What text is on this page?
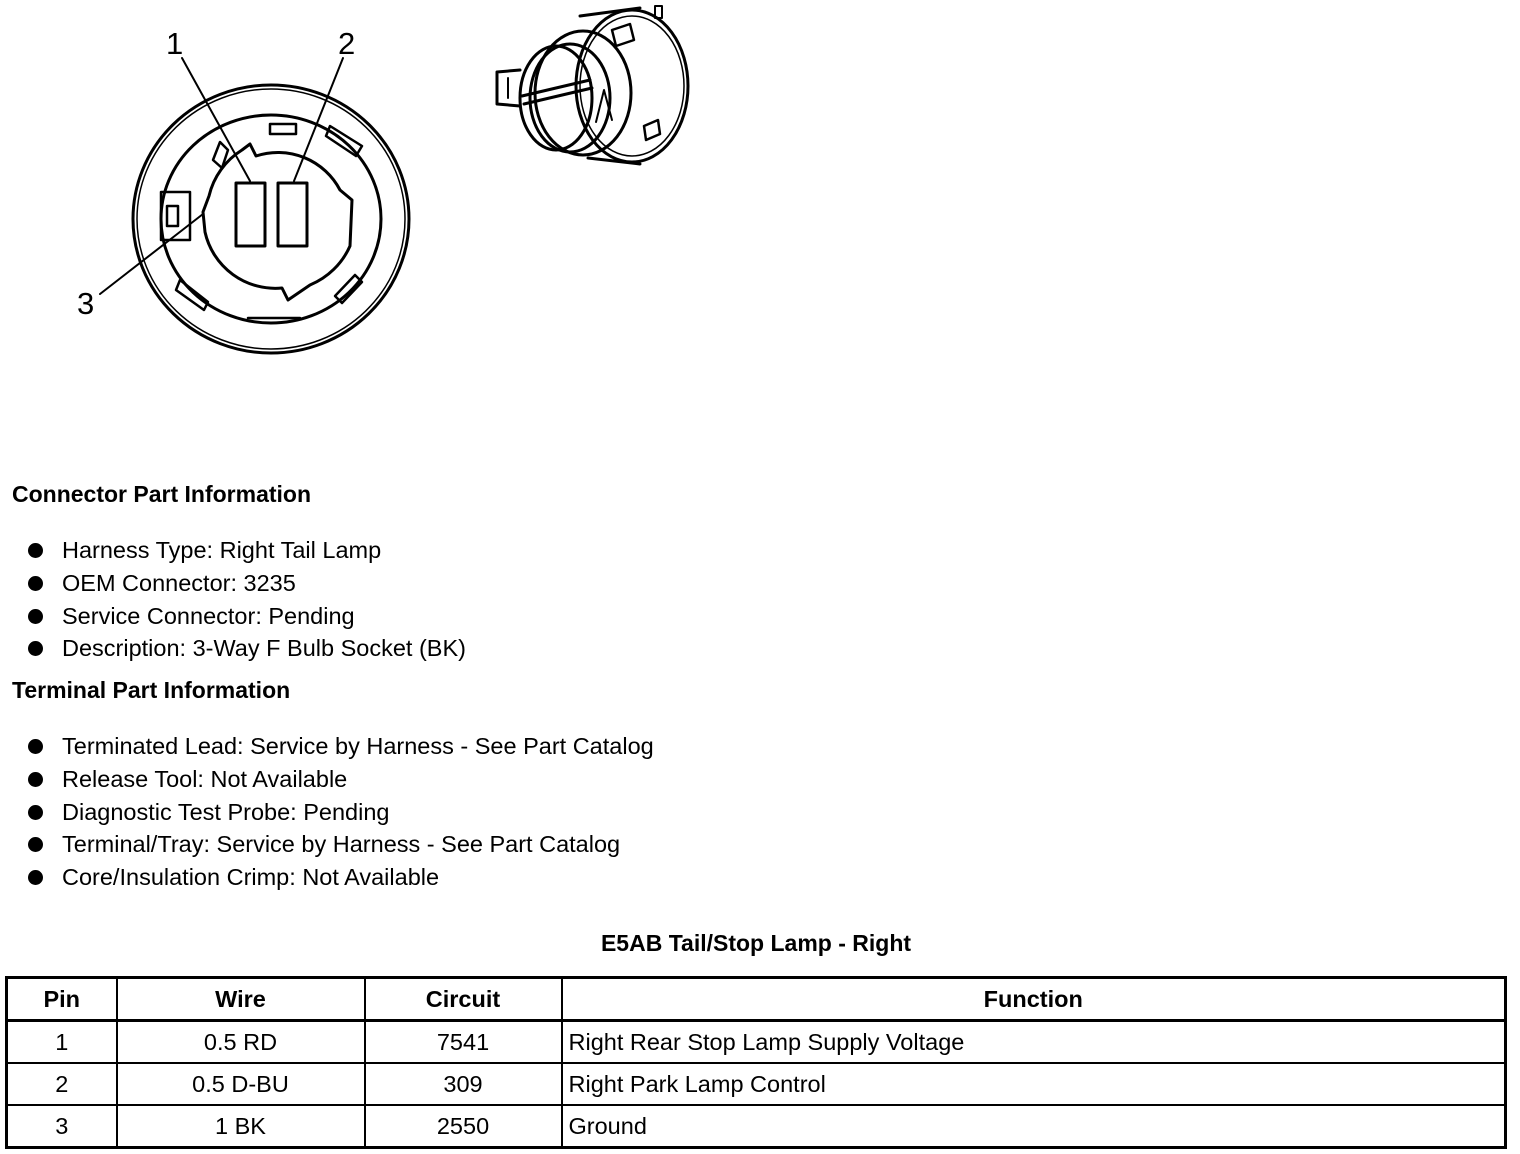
1	2
3
Connector Part Information
Harness Type: Right Tail Lamp
OEM Connector: 3235
Service Connector: Pending
Description: 3-Way F Bulb Socket (BK)
Terminal Part Information
Terminated Lead: Service by Harness - See Part Catalog
Release Tool: Not Available
Diagnostic Test Probe: Pending
Terminal/Tray: Service by Harness - See Part Catalog
Core/Insulation Crimp: Not Available
E5AB Tail/Stop Lamp - Right
Pin	Wire	Circuit	Function
1	0.5 RD	7541	Right Rear Stop Lamp Supply Voltage
2	0.5 D-BU	309	Right Park Lamp Control
3	1 BK	2550	Ground
